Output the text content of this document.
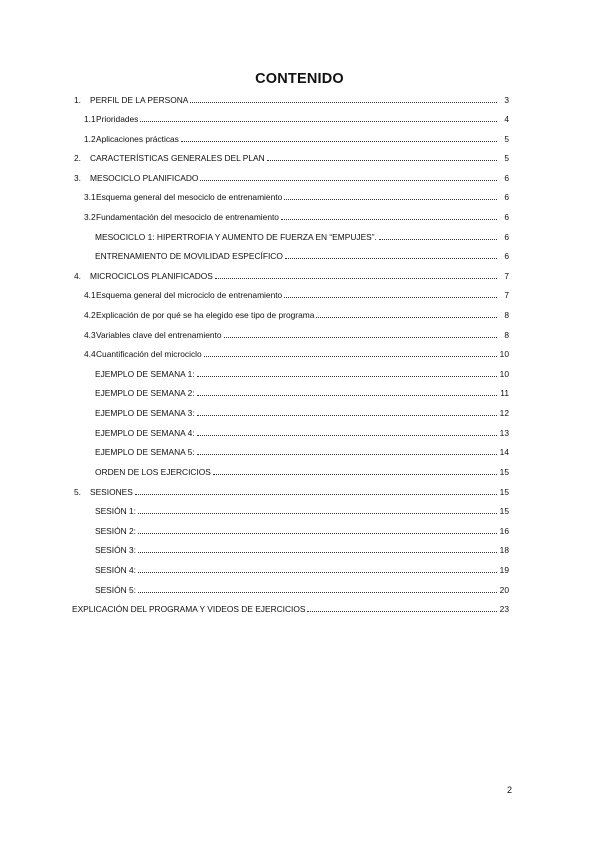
CONTENIDO
1.	PERFIL DE LA PERSONA	3
1.1 Prioridades	4
1.2 Aplicaciones prácticas	5
2.	CARACTERÍSTICAS GENERALES DEL PLAN	5
3.	MESOCICLO PLANIFICADO	6
3.1 Esquema general del mesociclo de entrenamiento	6
3.2 Fundamentación del mesociclo de entrenamiento	6
MESOCICLO 1: HIPERTROFIA Y AUMENTO DE FUERZA EN “EMPUJES”.	6
ENTRENAMIENTO DE MOVILIDAD ESPECÍFICO	6
4.	MICROCICLOS PLANIFICADOS	7
4.1 Esquema general del microciclo de entrenamiento	7
4.2 Explicación de por qué se ha elegido ese tipo de programa	8
4.3 Variables clave del entrenamiento	8
4.4 Cuantificación del microciclo	10
EJEMPLO DE SEMANA 1:	10
EJEMPLO DE SEMANA 2:	11
EJEMPLO DE SEMANA 3:	12
EJEMPLO DE SEMANA 4:	13
EJEMPLO DE SEMANA 5:	14
ORDEN DE LOS EJERCICIOS	15
5.	SESIONES	15
SESIÓN 1:	15
SESIÓN 2:	16
SESIÓN 3:	18
SESIÓN 4:	19
SESIÓN 5:	20
EXPLICACIÓN DEL PROGRAMA Y VIDEOS DE EJERCICIOS	23
2
